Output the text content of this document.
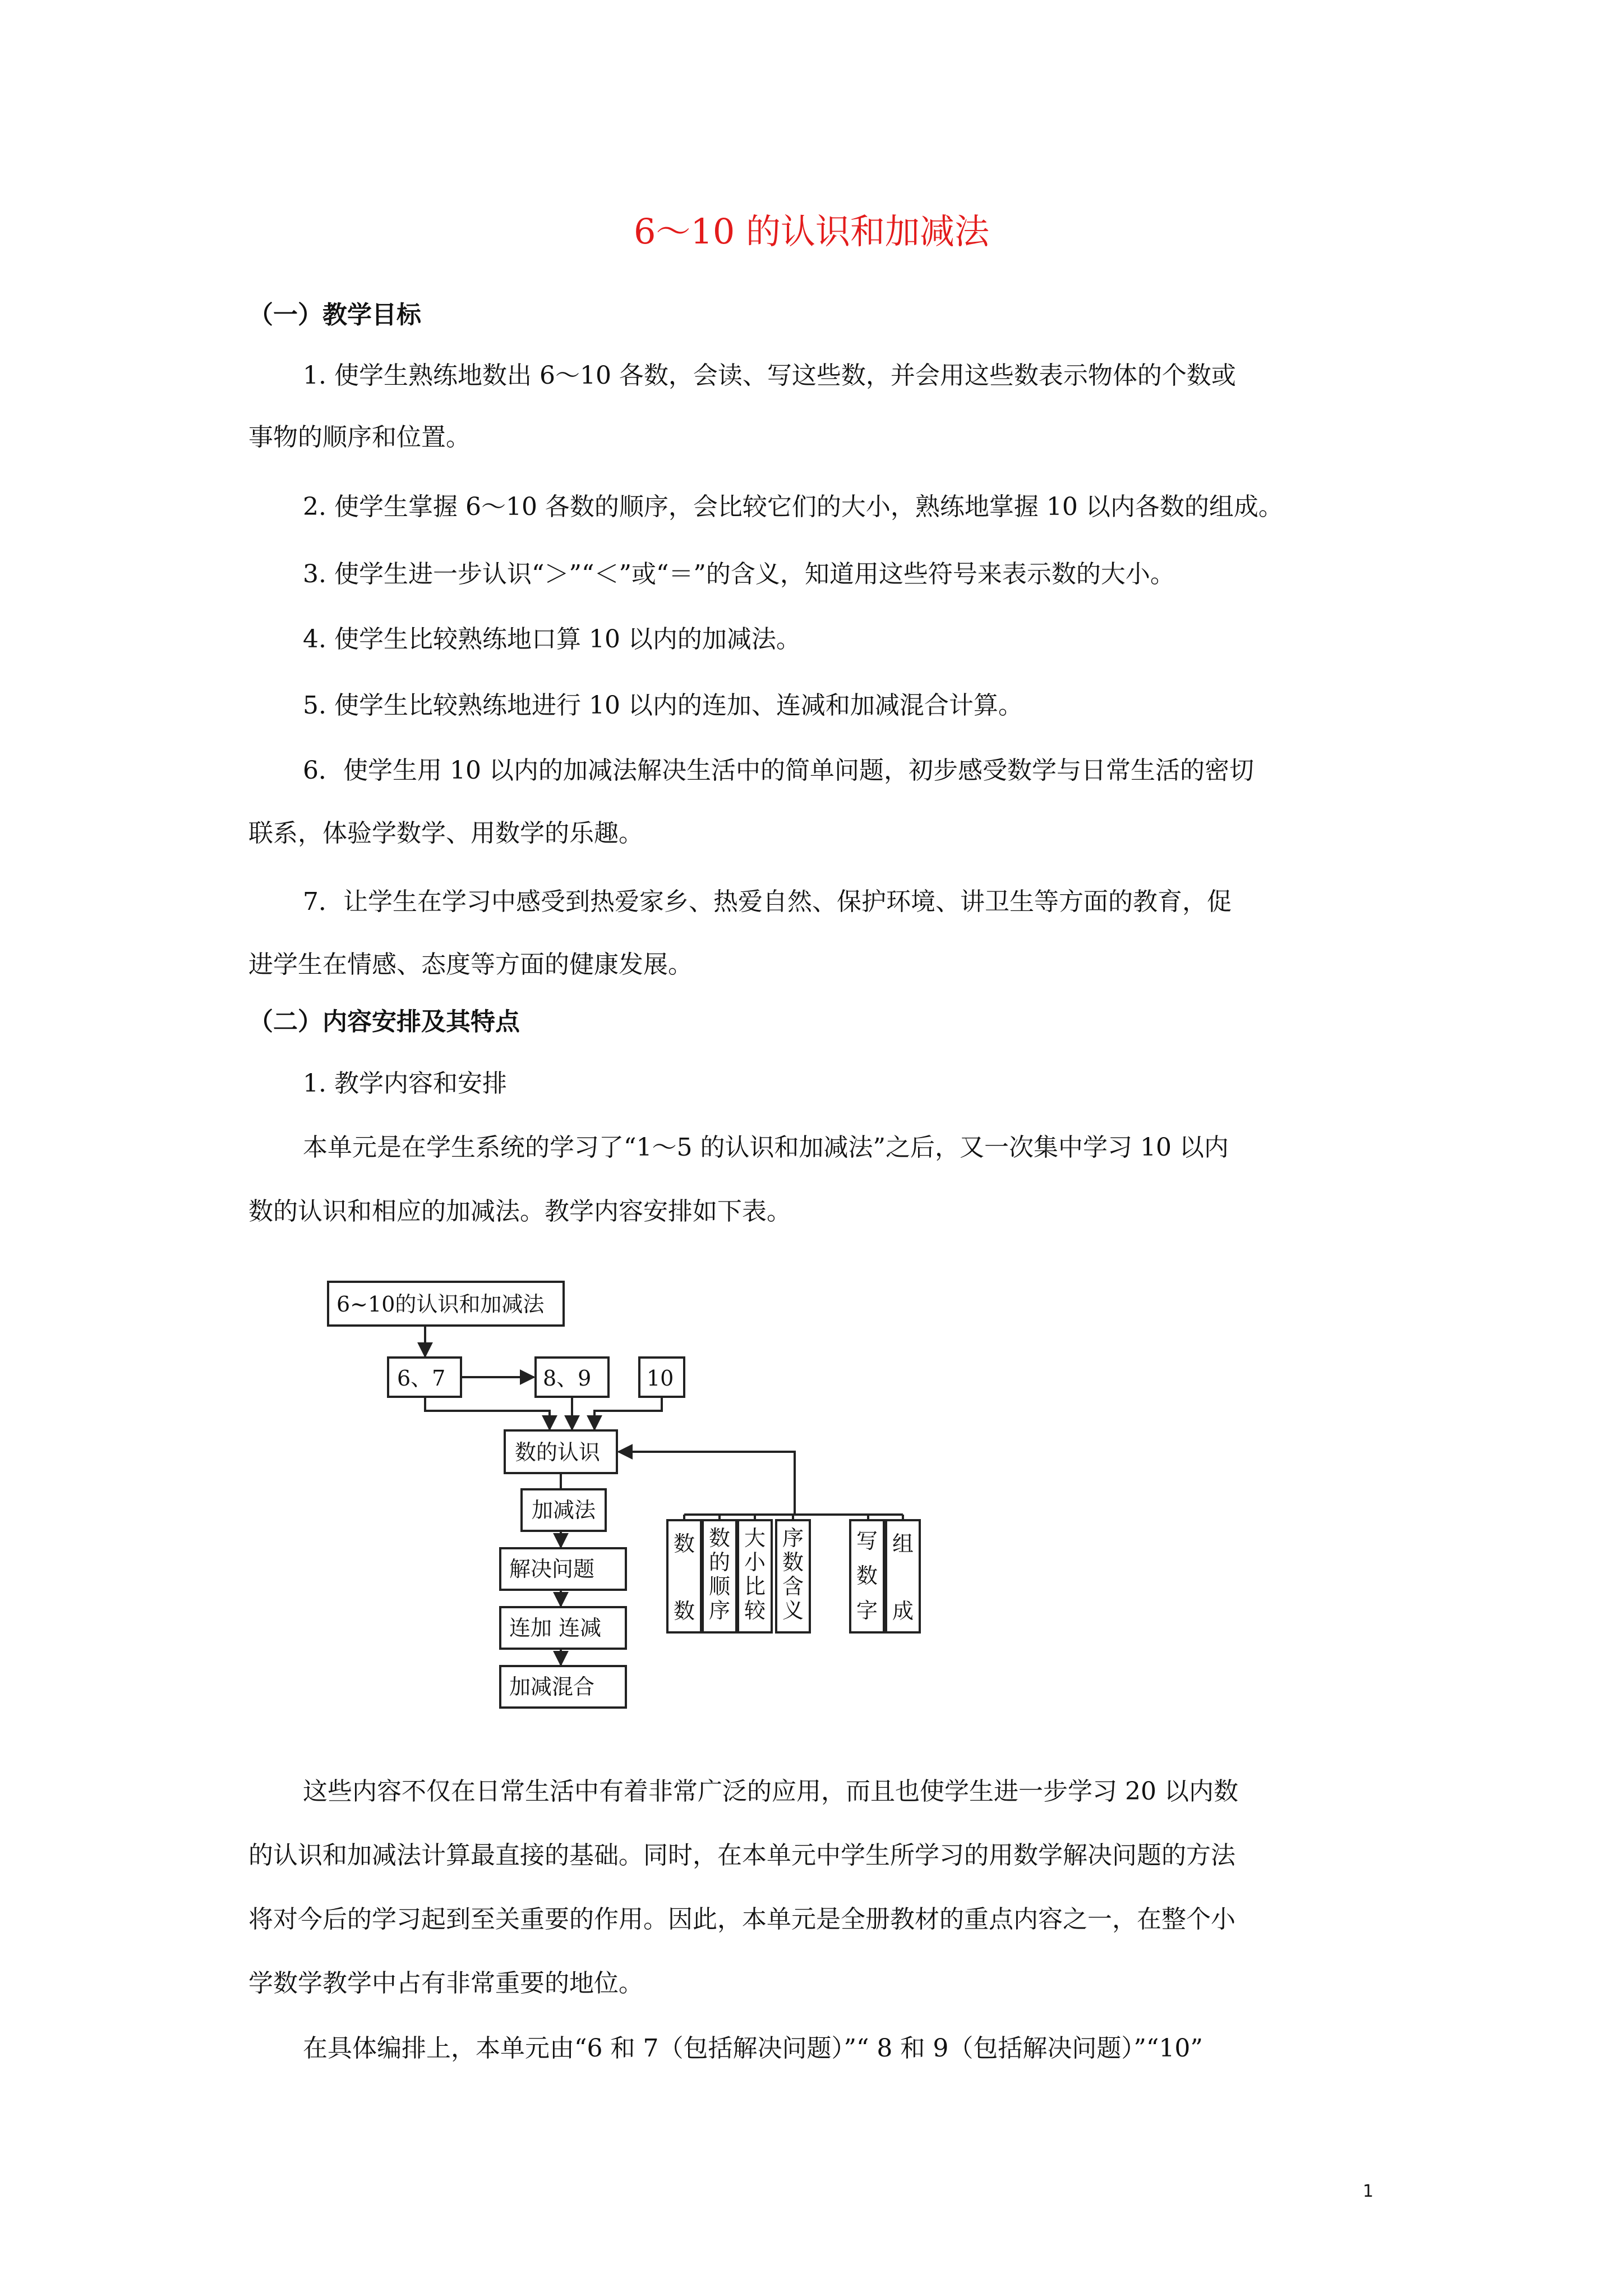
6～10 的认识和加减法
（一）教学目标
1. 使学生熟练地数出 6～10 各数，会读、写这些数，并会用这些数表示物体的个数或
事物的顺序和位置。
2. 使学生掌握 6～10 各数的顺序，会比较它们的大小，熟练地掌握 10 以内各数的组成。
3. 使学生进一步认识“＞”“＜”或“＝”的含义，知道用这些符号来表示数的大小。
4. 使学生比较熟练地口算 10 以内的加减法。
5. 使学生比较熟练地进行 10 以内的连加、连减和加减混合计算。
6．使学生用 10 以内的加减法解决生活中的简单问题，初步感受数学与日常生活的密切
联系，体验学数学、用数学的乐趣。
7．让学生在学习中感受到热爱家乡、热爱自然、保护环境、讲卫生等方面的教育，促
进学生在情感、态度等方面的健康发展。
（二）内容安排及其特点
1. 教学内容和安排
本单元是在学生系统的学习了“1～5 的认识和加减法”之后，又一次集中学习 10 以内
数的认识和相应的加减法。教学内容安排如下表。
6~10的认识和加减法
6、7	8、9	10
数的认识
加减法
解决问题
连加 连减
加减混合
数
数
数
的
顺
序
大
小
比
较
序
数
含
义
写
数
字
组
成
这些内容不仅在日常生活中有着非常广泛的应用，而且也使学生进一步学习 20 以内数
的认识和加减法计算最直接的基础。同时，在本单元中学生所学习的用数学解决问题的方法
将对今后的学习起到至关重要的作用。因此，本单元是全册教材的重点内容之一，在整个小
学数学教学中占有非常重要的地位。
在具体编排上，本单元由“6 和 7（包括解决问题）”“ 8 和 9（包括解决问题）”“10”
1
